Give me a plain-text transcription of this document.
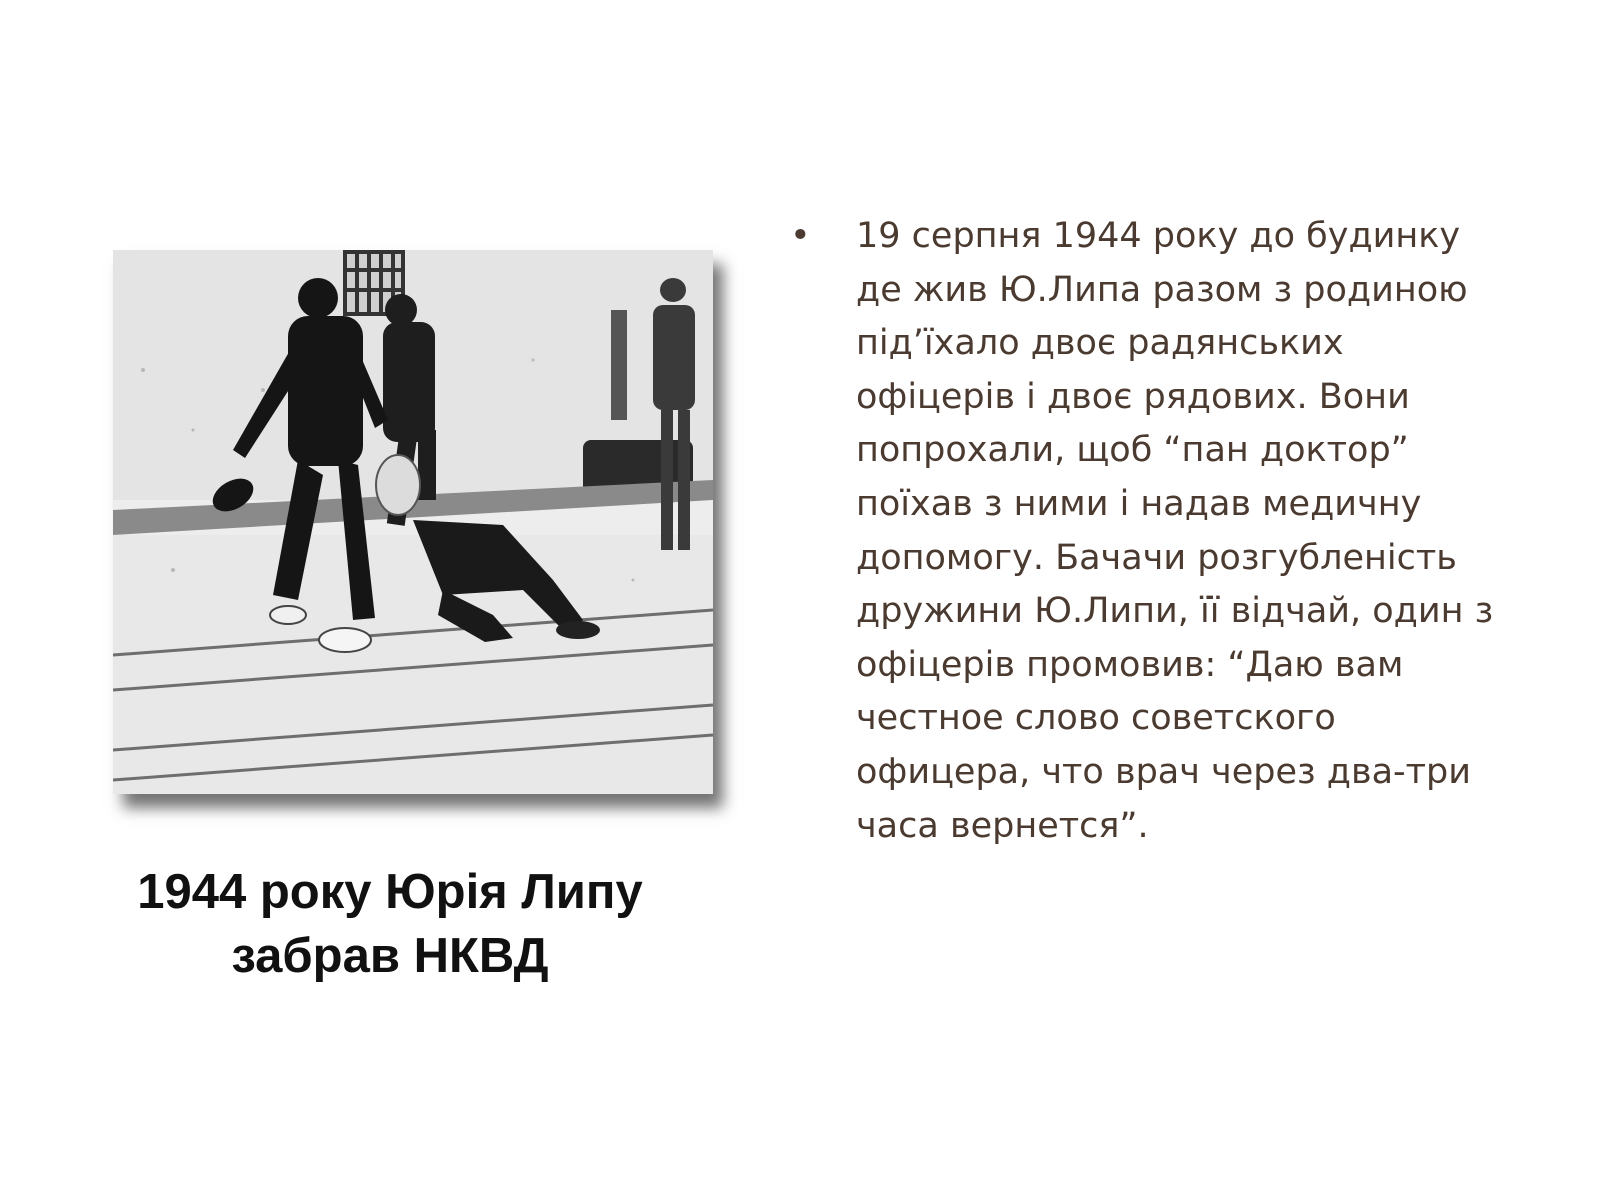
1944 року Юрія Липу
забрав НКВД
•	19 серпня 1944 року до будинку
де жив Ю.Липа разом з родиною
під’їхало двоє радянських
офіцерів і двоє рядових. Вони
попрохали, щоб “пан доктор”
поїхав з ними і надав медичну
допомогу. Бачачи розгубленість
дружини Ю.Липи, її відчай, один з
офіцерів промовив: “Даю вам
честное слово советского
офицера, что врач через два-три
часа вернется”.
